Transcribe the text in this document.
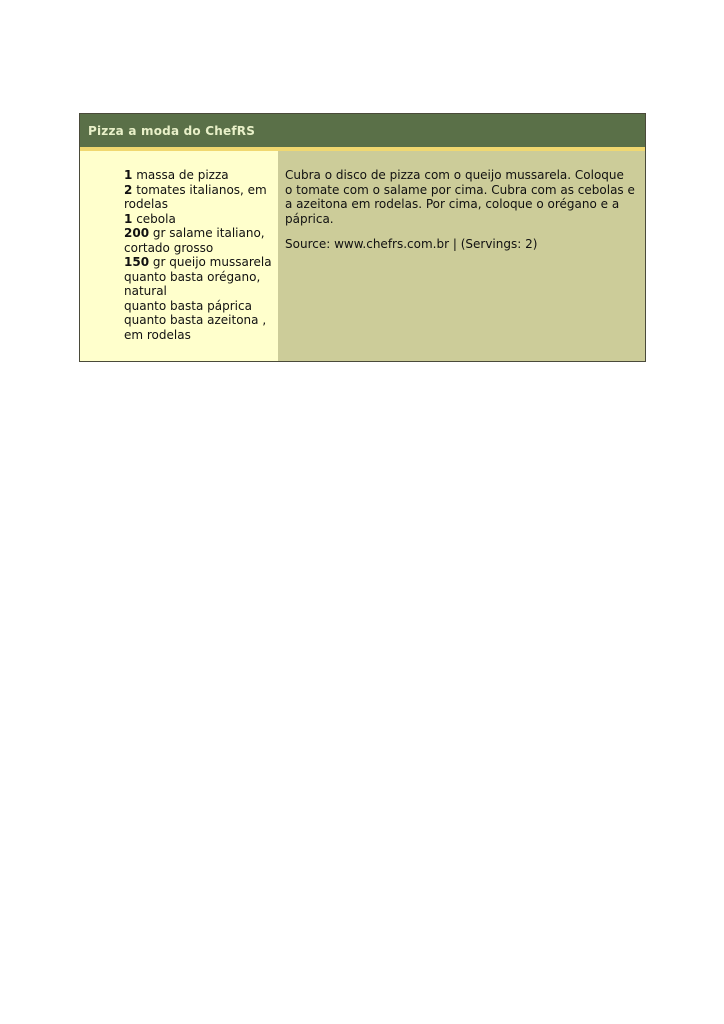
Pizza a moda do ChefRS
1 massa de pizza
2 tomates italianos, em rodelas
1 cebola
200 gr salame italiano, cortado grosso
150 gr queijo mussarela
quanto basta orégano, natural
quanto basta páprica
quanto basta azeitona , em rodelas

Cubra o disco de pizza com o queijo mussarela. Coloque o tomate com o salame por cima. Cubra com as cebolas e a azeitona em rodelas. Por cima, coloque o orégano e a páprica.

Source: www.chefrs.com.br | (Servings: 2)
